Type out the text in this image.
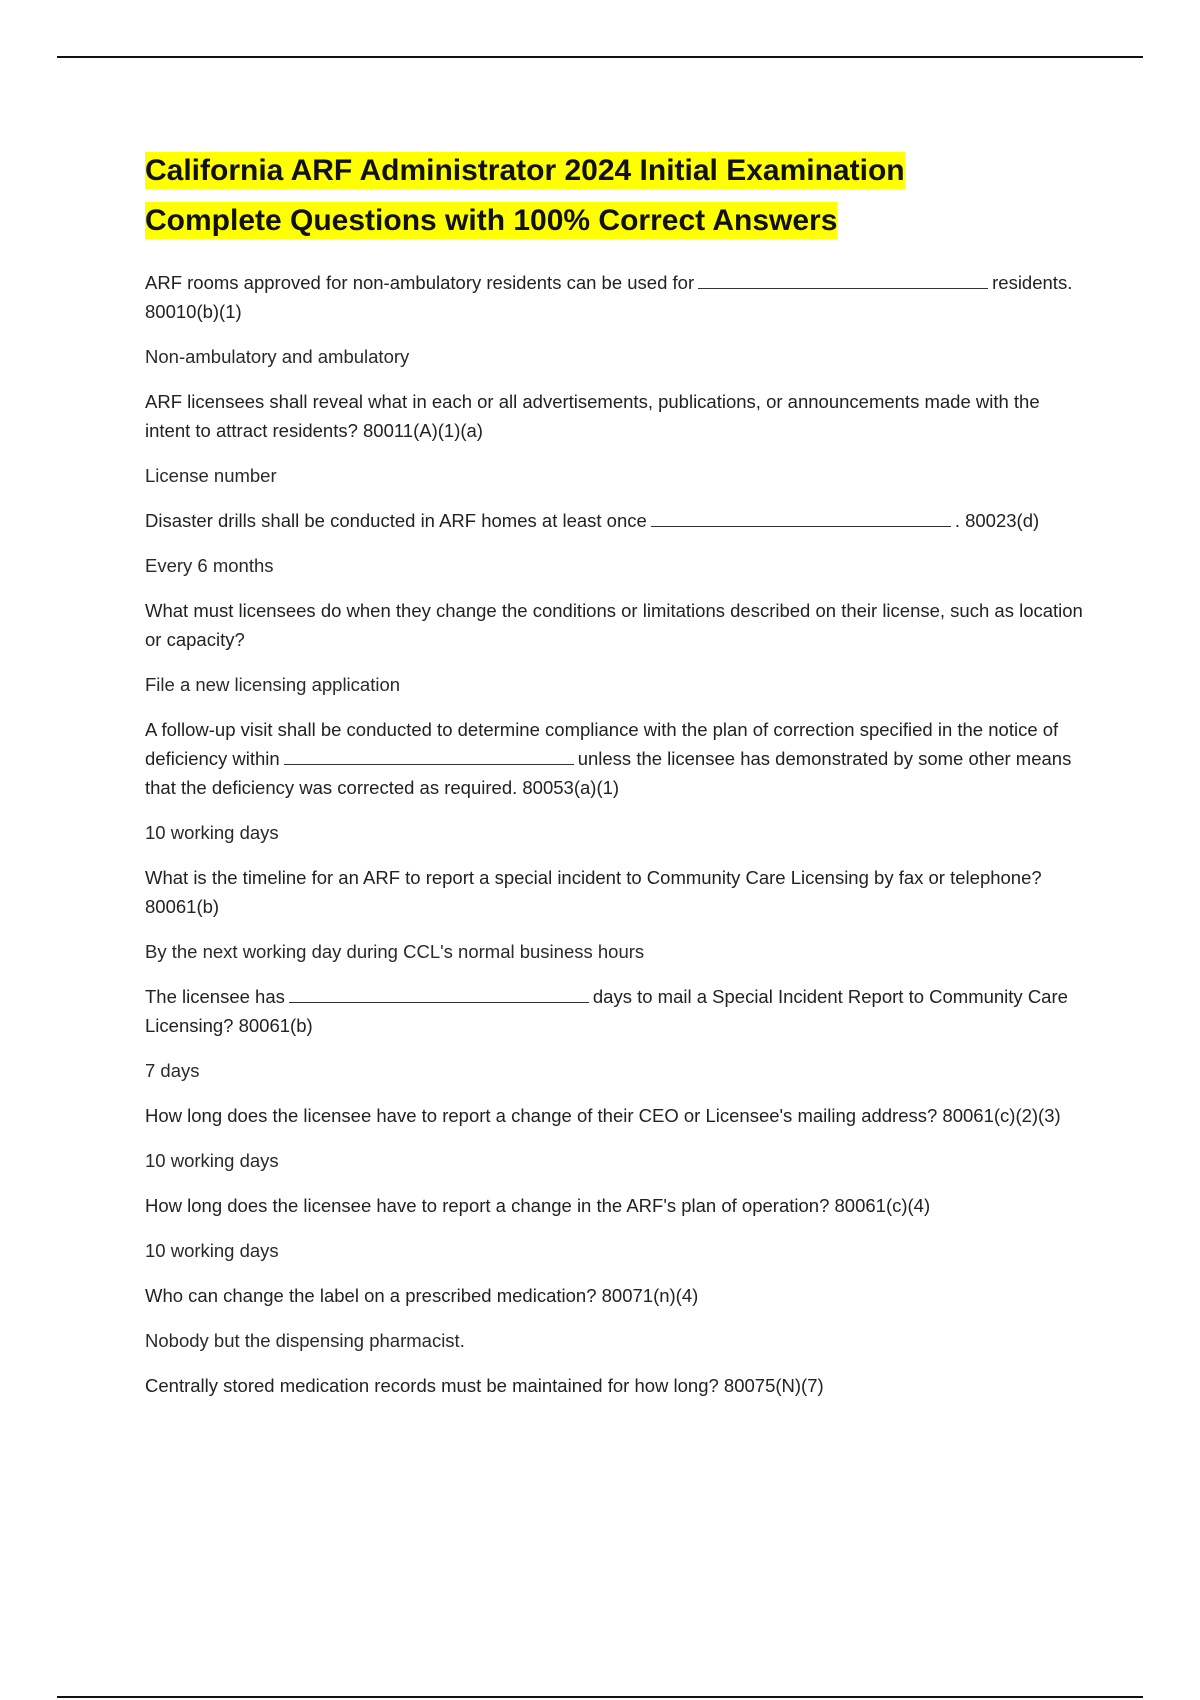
California ARF Administrator 2024 Initial Examination
Complete Questions with 100% Correct Answers

ARF rooms approved for non-ambulatory residents can be used for	residents. 80010(b)(1)

Non-ambulatory and ambulatory

ARF licensees shall reveal what in each or all advertisements, publications, or announcements made with the intent to attract residents? 80011(A)(1)(a)

License number

Disaster drills shall be conducted in ARF homes at least once	. 80023(d)

Every 6 months

What must licensees do when they change the conditions or limitations described on their license, such as location or capacity?

File a new licensing application

A follow-up visit shall be conducted to determine compliance with the plan of correction specified in the notice of deficiency within	unless the licensee has demonstrated by some other means that the deficiency was corrected as required. 80053(a)(1)

10 working days

What is the timeline for an ARF to report a special incident to Community Care Licensing by fax or telephone? 80061(b)

By the next working day during CCL's normal business hours

The licensee has	days to mail a Special Incident Report to Community Care Licensing? 80061(b)

7 days

How long does the licensee have to report a change of their CEO or Licensee's mailing address? 80061(c)(2)(3)

10 working days

How long does the licensee have to report a change in the ARF's plan of operation? 80061(c)(4)

10 working days

Who can change the label on a prescribed medication? 80071(n)(4)

Nobody but the dispensing pharmacist.

Centrally stored medication records must be maintained for how long? 80075(N)(7)
